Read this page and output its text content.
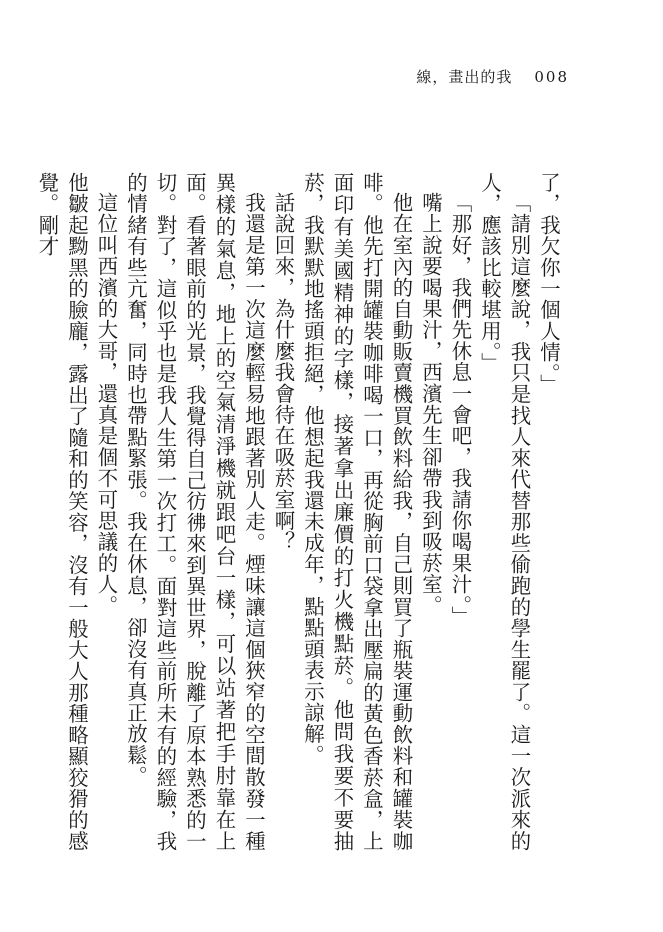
線，畫出的我 008

了，我欠你一個人情。」

「請別這麼說，我只是找人來代替那些偷跑的學生罷了。這一次派來的人，應該比較堪用。」

「那好，我們先休息一會吧，我請你喝果汁。」

嘴上說要喝果汁，西濱先生卻帶我到吸菸室。

他在室內的自動販賣機買飲料給我，自己則買了瓶裝運動飲料和罐裝咖啡。他先打開罐裝咖啡喝一口，再從胸前口袋拿出壓扁的黃色香菸盒，上面印有美國精神的字樣，接著拿出廉價的打火機點菸。他問我要不要抽菸，我默默地搖頭拒絕，他想起我還未成年，點點頭表示諒解。

話說回來，為什麼我會待在吸菸室啊？

我還是第一次這麼輕易地跟著別人走。煙味讓這個狹窄的空間散發一種異樣的氣息，地上的空氣清淨機就跟吧台一樣，可以站著把手肘靠在上面。看著眼前的光景，我覺得自己彷彿來到異世界，脫離了原本熟悉的一切。對了，這似乎也是我人生第一次打工。面對這些前所未有的經驗，我的情緒有些亢奮，同時也帶點緊張。我在休息，卻沒有真正放鬆。

這位叫西濱的大哥，還真是個不可思議的人。

他皺起黝黑的臉龐，露出了隨和的笑容，沒有一般大人那種略顯狡猾的感覺。剛才
